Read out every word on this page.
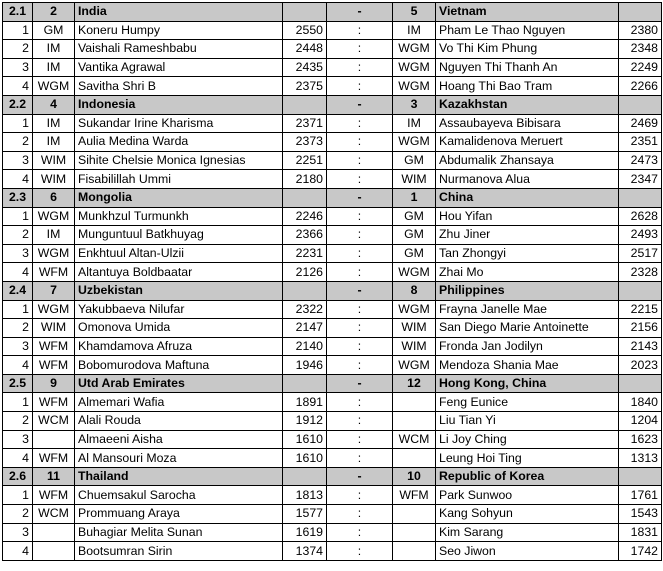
2.1	2	India		-	5	Vietnam	
1	GM	Koneru Humpy	2550	:	IM	Pham Le Thao Nguyen	2380
2	IM	Vaishali Rameshbabu	2448	:	WGM	Vo Thi Kim Phung	2348
3	IM	Vantika Agrawal	2435	:	WGM	Nguyen Thi Thanh An	2249
4	WGM	Savitha Shri B	2375	:	WGM	Hoang Thi Bao Tram	2266
2.2	4	Indonesia		-	3	Kazakhstan	
1	IM	Sukandar Irine Kharisma	2371	:	IM	Assaubayeva Bibisara	2469
2	IM	Aulia Medina Warda	2373	:	WGM	Kamalidenova Meruert	2351
3	WIM	Sihite Chelsie Monica Ignesias	2251	:	GM	Abdumalik Zhansaya	2473
4	WIM	Fisabilillah Ummi	2180	:	WIM	Nurmanova Alua	2347
2.3	6	Mongolia		-	1	China	
1	WGM	Munkhzul Turmunkh	2246	:	GM	Hou Yifan	2628
2	IM	Munguntuul Batkhuyag	2366	:	GM	Zhu Jiner	2493
3	WGM	Enkhtuul Altan-Ulzii	2231	:	GM	Tan Zhongyi	2517
4	WFM	Altantuya Boldbaatar	2126	:	WGM	Zhai Mo	2328
2.4	7	Uzbekistan		-	8	Philippines	
1	WGM	Yakubbaeva Nilufar	2322	:	WGM	Frayna Janelle Mae	2215
2	WIM	Omonova Umida	2147	:	WIM	San Diego Marie Antoinette	2156
3	WFM	Khamdamova Afruza	2140	:	WIM	Fronda Jan Jodilyn	2143
4	WFM	Bobomurodova Maftuna	1946	:	WGM	Mendoza Shania Mae	2023
2.5	9	Utd Arab Emirates		-	12	Hong Kong, China	
1	WFM	Almemari Wafia	1891	:		Feng Eunice	1840
2	WCM	Alali Rouda	1912	:		Liu Tian Yi	1204
3		Almaeeni Aisha	1610	:	WCM	Li Joy Ching	1623
4	WFM	Al Mansouri Moza	1610	:		Leung Hoi Ting	1313
2.6	11	Thailand		-	10	Republic of Korea	
1	WFM	Chuemsakul Sarocha	1813	:	WFM	Park Sunwoo	1761
2	WCM	Prommuang Araya	1577	:		Kang Sohyun	1543
3		Buhagiar Melita Sunan	1619	:		Kim Sarang	1831
4		Bootsumran Sirin	1374	:		Seo Jiwon	1742
